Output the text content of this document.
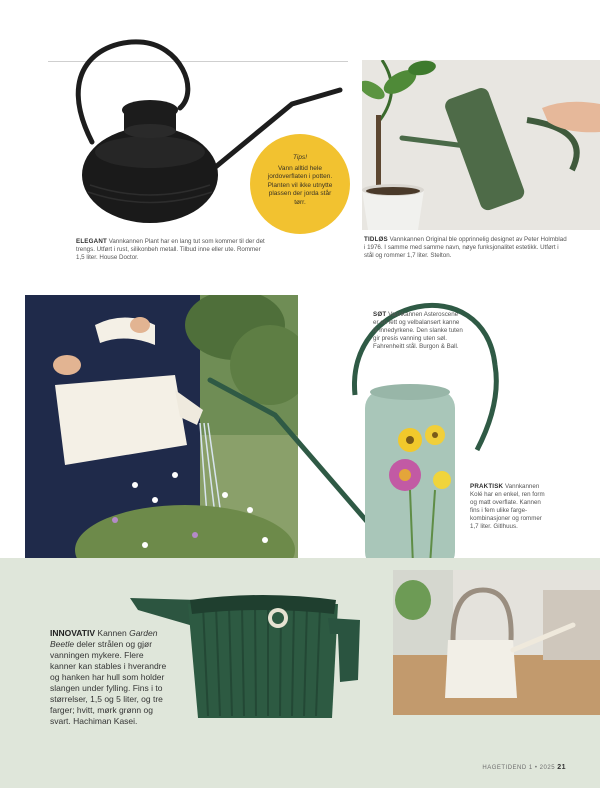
Tips!
Vann alltid hele jordoverflaten i potten. Planten vil ikke utnytte plassen der jorda står tørr.
ELEGANT Vannkannen Plant har en lang tut som kommer til der det trengs. Utført i rust, silikonbeh metall. Tilbud inne eller ute. Rommer 1,5 liter. House Doctor.
TIDLØS Vannkannen Original ble opprinnelig designet av Peter Holmblad i 1976. I samme med samme navn, nøye funksjonalitet estetikk. Utført i stål og rommer 1,7 liter. Stelton.
SØT Vannkannen Asteroscene er en lett og velbalansert kanne til innedyrkene. Den slanke tuten gir presis vanning uten søl. Fahrenheitt stål. Burgon & Ball.
PRAKTISK Vannkannen Kolé har en enkel, ren form og matt overflate. Kannen fins i fem ulike farge-kombinasjoner og rommer 1,7 liter. Gitlhuus.
INNOVATIV Kannen Garden Beetle deler strålen og gjør vanningen mykere. Flere kanner kan stables i hverandre og hanken har hull som holder slangen under fylling. Fins i to størrelser, 1,5 og 5 liter, og tre farger; hvitt, mørk grønn og svart. Hachiman Kasei.
HAGETIDEND 1 • 2025 21
